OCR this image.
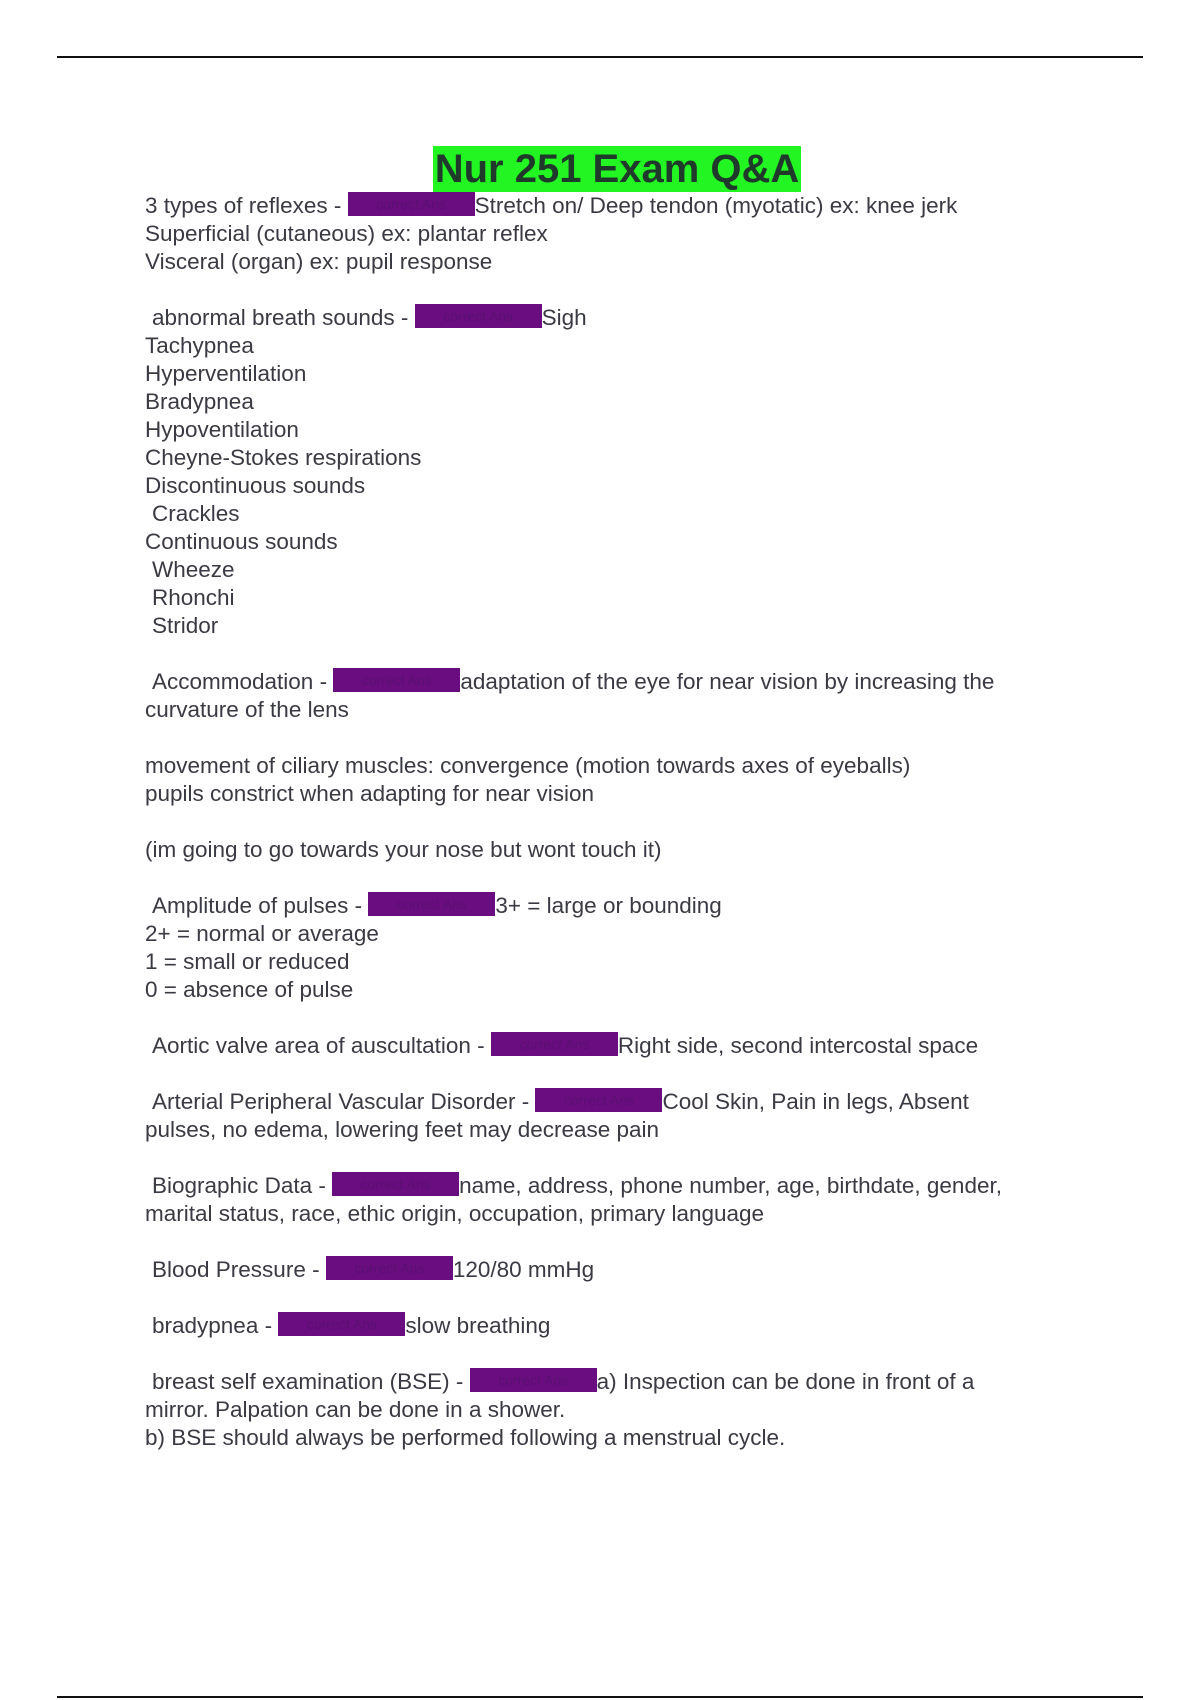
Nur 251 Exam Q&A
3 types of reflexes - correct Ans Stretch on/ Deep tendon (myotatic) ex: knee jerk
Superficial (cutaneous) ex: plantar reflex
Visceral (organ) ex: pupil response
abnormal breath sounds - correct Ans Sigh
Tachypnea
Hyperventilation
Bradypnea
Hypoventilation
Cheyne-Stokes respirations
Discontinuous sounds
Crackles
Continuous sounds
Wheeze
Rhonchi
Stridor
Accommodation - correct Ans adaptation of the eye for near vision by increasing the
curvature of the lens
movement of ciliary muscles: convergence (motion towards axes of eyeballs)
pupils constrict when adapting for near vision
(im going to go towards your nose but wont touch it)
Amplitude of pulses - correct Ans 3+ = large or bounding
2+ = normal or average
1 = small or reduced
0 = absence of pulse
Aortic valve area of auscultation - correct Ans Right side, second intercostal space
Arterial Peripheral Vascular Disorder - correct Ans Cool Skin, Pain in legs, Absent
pulses, no edema, lowering feet may decrease pain
Biographic Data - correct Ans name, address, phone number, age, birthdate, gender,
marital status, race, ethic origin, occupation, primary language
Blood Pressure - correct Ans 120/80 mmHg
bradypnea - correct Ans slow breathing
breast self examination (BSE) - correct Ans a) Inspection can be done in front of a
mirror. Palpation can be done in a shower.
b) BSE should always be performed following a menstrual cycle.
